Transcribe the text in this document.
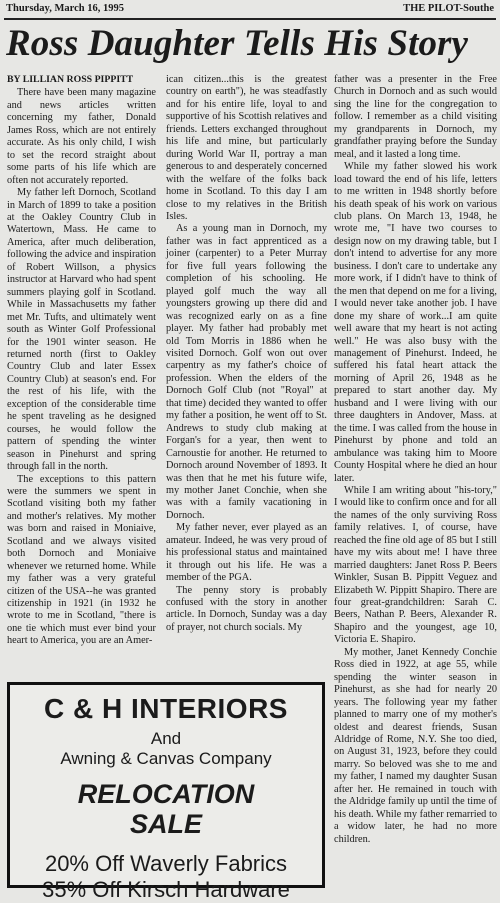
Thursday, March 16, 1995	THE PILOT-Southe
Ross Daughter Tells His Story

BY LILLIAN ROSS PIPPITT

There have been many magazine and news articles written concerning my father, Donald James Ross, which are not entirely accurate. As his only child, I wish to set the record straight about some parts of his life which are often not accurately reported.

My father left Dornoch, Scotland in March of 1899 to take a position at the Oakley Country Club in Watertown, Mass. He came to America, after much deliberation, following the advice and inspiration of Robert Willson, a physics instructor at Harvard who had spent summers playing golf in Scotland. While in Massachusetts my father met Mr. Tufts, and ultimately went south as Winter Golf Professional for the 1901 winter season. He returned north (first to Oakley Country Club and later Essex Country Club) at season's end. For the rest of his life, with the exception of the considerable time he spent traveling as he designed courses, he would follow the pattern of spending the winter season in Pinehurst and spring through fall in the north.

The exceptions to this pattern were the summers we spent in Scotland visiting both my father and mother's relatives. My mother was born and raised in Moniaive, Scotland and we always visited both Dornoch and Moniaive whenever we returned home. While my father was a very grateful citizen of the USA--he was granted citizenship in 1921 (in 1932 he wrote to me in Scotland, "there is one tie which must ever bind your heart to America, you are an Amer-

ican citizen...this is the greatest country on earth"), he was steadfastly and for his entire life, loyal to and supportive of his Scottish relatives and friends. Letters exchanged throughout his life and mine, but particularly during World War II, portray a man generous to and desperately concerned with the welfare of the folks back home in Scotland. To this day I am close to my relatives in the British Isles.

As a young man in Dornoch, my father was in fact apprenticed as a joiner (carpenter) to a Peter Murray for five full years following the completion of his schooling. He played golf much the way all youngsters growing up there did and was recognized early on as a fine player. My father had probably met old Tom Morris in 1886 when he visited Dornoch. Golf won out over carpentry as my father's choice of profession. When the elders of the Dornoch Golf Club (not "Royal" at that time) decided they wanted to offer my father a position, he went off to St. Andrews to study club making at Forgan's for a year, then went to Carnoustie for another. He returned to Dornoch around November of 1893. It was then that he met his future wife, my mother Janet Conchie, when she was with a family vacationing in Dornoch.

My father never, ever played as an amateur. Indeed, he was very proud of his professional status and maintained it through out his life. He was a member of the PGA.

The penny story is probably confused with the story in another article. In Dornoch, Sunday was a day of prayer, not church socials. My

father was a presenter in the Free Church in Dornoch and as such would sing the line for the congregation to follow. I remember as a child visiting my grandparents in Dornoch, my grandfather praying before the Sunday meal, and it lasted a long time.

While my father slowed his work load toward the end of his life, letters to me written in 1948 shortly before his death speak of his work on various club plans. On March 13, 1948, he wrote me, "I have two courses to design now on my drawing table, but I don't intend to advertise for any more business. I don't care to undertake any more work, if I didn't have to think of the men that depend on me for a living, I would never take another job. I have done my share of work...I am quite well aware that my heart is not acting well." He was also busy with the management of Pinehurst. Indeed, he suffered his fatal heart attack the morning of April 26, 1948 as he prepared to start another day. My husband and I were living with our three daughters in Andover, Mass. at the time. I was called from the house in Pinehurst by phone and told an ambulance was taking him to Moore County Hospital where he died an hour later.

While I am writing about "his-tory," I would like to confirm once and for all the names of the only surviving Ross family relatives. I, of course, have reached the fine old age of 85 but I still have my wits about me! I have three married daughters: Janet Ross P. Beers Winkler, Susan B. Pippitt Veguez and Elizabeth W. Pippitt Shapiro. There are four great-grandchildren: Sarah C. Beers, Nathan P. Beers, Alexander R. Shapiro and the youngest, age 10, Victoria E. Shapiro.

My mother, Janet Kennedy Conchie Ross died in 1922, at age 55, while spending the winter season in Pinehurst, as she had for nearly 20 years. The following year my father planned to marry one of my mother's oldest and dearest friends, Susan Aldridge of Rome, N.Y. She too died, on August 31, 1923, before they could marry. So beloved was she to me and my father, I named my daughter Susan after her. He remained in touch with the Aldridge family up until the time of his death. While my father remarried to a widow later, he had no more children.

C & H INTERIORS
And
Awning & Canvas Company
RELOCATION
SALE
20% Off Waverly Fabrics
35% Off Kirsch Hardware
